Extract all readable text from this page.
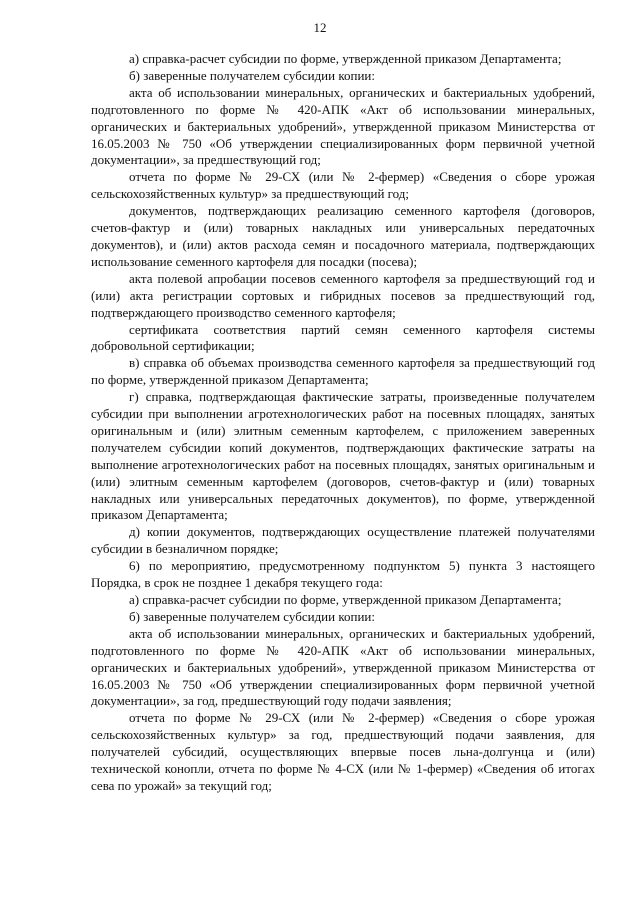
12

а) справка-расчет субсидии по форме, утвержденной приказом Департамента;

б) заверенные получателем субсидии копии:

акта об использовании минеральных, органических и бактериальных удобрений, подготовленного по форме № 420-АПК «Акт об использовании минеральных, органических и бактериальных удобрений», утвержденной приказом Министерства от 16.05.2003 № 750 «Об утверждении специализированных форм первичной учетной документации», за предшествующий год;

отчета по форме № 29-СХ (или № 2-фермер) «Сведения о сборе урожая сельскохозяйственных культур» за предшествующий год;

документов, подтверждающих реализацию семенного картофеля (договоров, счетов-фактур и (или) товарных накладных или универсальных передаточных документов), и (или) актов расхода семян и посадочного материала, подтверждающих использование семенного картофеля для посадки (посева);

акта полевой апробации посевов семенного картофеля за предшествующий год и (или) акта регистрации сортовых и гибридных посевов за предшествующий год, подтверждающего производство семенного картофеля;

сертификата соответствия партий семян семенного картофеля системы добровольной сертификации;

в) справка об объемах производства семенного картофеля за предшествующий год по форме, утвержденной приказом Департамента;

г) справка, подтверждающая фактические затраты, произведенные получателем субсидии при выполнении агротехнологических работ на посевных площадях, занятых оригинальным и (или) элитным семенным картофелем, с приложением заверенных получателем субсидии копий документов, подтверждающих фактические затраты на выполнение агротехнологических работ на посевных площадях, занятых оригинальным и (или) элитным семенным картофелем (договоров, счетов-фактур и (или) товарных накладных или универсальных передаточных документов), по форме, утвержденной приказом Департамента;

д) копии документов, подтверждающих осуществление платежей получателями субсидии в безналичном порядке;

6) по мероприятию, предусмотренному подпунктом 5) пункта 3 настоящего Порядка, в срок не позднее 1 декабря текущего года:

а) справка-расчет субсидии по форме, утвержденной приказом Департамента;

б) заверенные получателем субсидии копии:

акта об использовании минеральных, органических и бактериальных удобрений, подготовленного по форме № 420-АПК «Акт об использовании минеральных, органических и бактериальных удобрений», утвержденной приказом Министерства от 16.05.2003 № 750 «Об утверждении специализированных форм первичной учетной документации», за год, предшествующий году подачи заявления;

отчета по форме № 29-СХ (или № 2-фермер) «Сведения о сборе урожая сельскохозяйственных культур» за год, предшествующий подачи заявления, для получателей субсидий, осуществляющих впервые посев льна-долгунца и (или) технической конопли, отчета по форме № 4-СХ (или № 1-фермер) «Сведения об итогах сева по урожай» за текущий год;
